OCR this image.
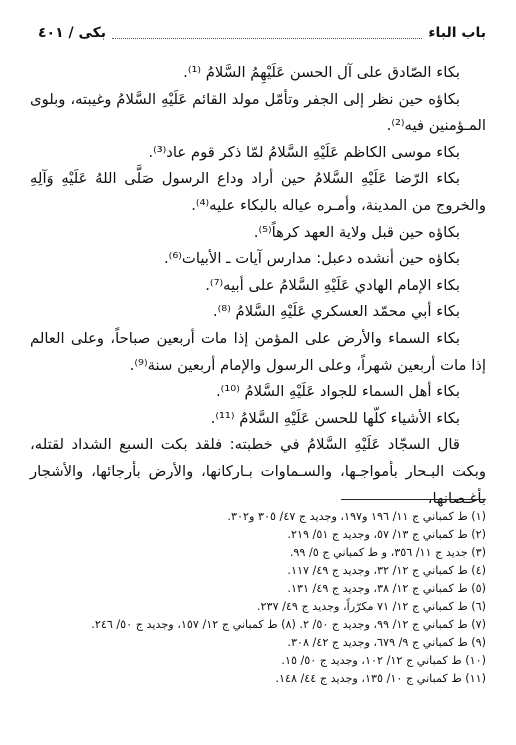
باب الباء
بكى / ٤٠١

بكاء الصّادق على آل الحسن عَلَيْهِمُ السَّلامُ ⁽¹⁾.

بكاؤه حين نظر إلى الجفر وتأمّل مولد القائم عَلَيْهِ السَّلامُ وغيبته، وبلوى المـؤمنين فيه⁽²⁾.

بكاء موسى الكاظم عَلَيْهِ السَّلامُ لمّا ذكر قوم عاد⁽³⁾.

بكاء الرّضا عَلَيْهِ السَّلامُ حين أراد وداع الرسول صَلَّى اللهُ عَلَيْهِ وَآلِهِ والخروج من المدينة، وأمـره عياله بالبكاء عليه⁽⁴⁾.

بكاؤه حين قبل ولاية العهد كرهاً⁽⁵⁾.

بكاؤه حين أنشده دعبل: مدارس آيات ـ الأبيات⁽⁶⁾.

بكاء الإمام الهادي عَلَيْهِ السَّلامُ على أبيه⁽⁷⁾.

بكاء أبي محمّد العسكري عَلَيْهِ السَّلامُ ⁽⁸⁾.

بكاء السماء والأرض على المؤمن إذا مات أربعين صباحاً، وعلى العالم إذا مات أربعين شهراً، وعلى الرسول والإمام أربعين سنة⁽⁹⁾.

بكاء أهل السماء للجواد عَلَيْهِ السَّلامُ ⁽¹⁰⁾.

بكاء الأشياء كلّها للحسن عَلَيْهِ السَّلامُ ⁽¹¹⁾.

قال السجّاد عَلَيْهِ السَّلامُ في خطبته: فلقد بكت السبع الشداد لقتله، وبكت البـحار بأمواجـها، والسـماوات بـاركانها، والأرض بأرجائها، والأشجار بأغـصانها،

(١) ط كمباني ج ١١/ ١٩٦ و١٩٧، وجديد ج ٤٧/ ٣٠٥ و٣٠٢.
(٢) ط كمباني ج ١٣/ ٥٧، وجديد ج ٥١/ ٢١٩.
(٣) جديد ج ١١/ ٣٥٦، و ط كمباني ج ٥/ ٩٩.
(٤) ط كمباني ج ١٢/ ٣٢، وجديد ج ٤٩/ ١١٧.
(٥) ط كمباني ج ١٢/ ٣٨، وجديد ج ٤٩/ ١٣١.
(٦) ط كمباني ج ١٢/ ٧١ مكرّراً، وجديد ج ٤٩/ ٢٣٧.
(٧) ط كمباني ج ١٢/ ٩٩، وجديد ج ٥٠/ ٢. (٨) ط كمباني ج ١٢/ ١٥٧، وجديد ج ٥٠/ ٢٤٦.
(٩) ط كمباني ج ٩/ ٦٧٩، وجديد ج ٤٢/ ٣٠٨.
(١٠) ط كمباني ج ١٢/ ١٠٢، وجديد ج ٥٠/ ١٥.
(١١) ط كمباني ج ١٠/ ١٣٥، وجديد ج ٤٤/ ١٤٨.
